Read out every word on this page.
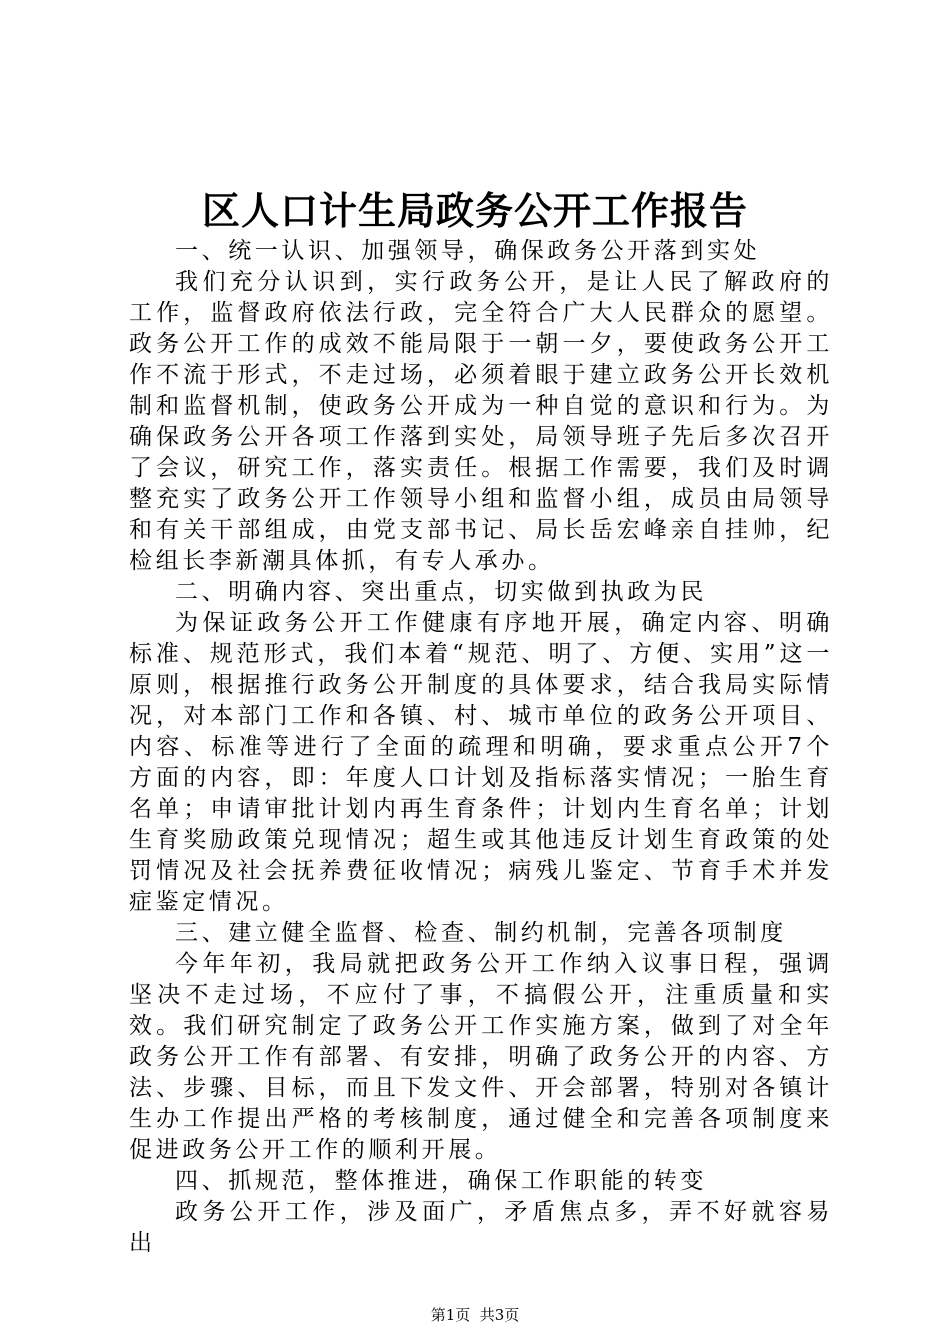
区人口计生局政务公开工作报告

一、统一认识、加强领导，确保政务公开落到实处

我们充分认识到，实行政务公开，是让人民了解政府的工作，监督政府依法行政，完全符合广大人民群众的愿望。政务公开工作的成效不能局限于一朝一夕，要使政务公开工作不流于形式，不走过场，必须着眼于建立政务公开长效机制和监督机制，使政务公开成为一种自觉的意识和行为。为确保政务公开各项工作落到实处，局领导班子先后多次召开了会议，研究工作，落实责任。根据工作需要，我们及时调整充实了政务公开工作领导小组和监督小组，成员由局领导和有关干部组成，由党支部书记、局长岳宏峰亲自挂帅，纪检组长李新潮具体抓，有专人承办。

二、明确内容、突出重点，切实做到执政为民

为保证政务公开工作健康有序地开展，确定内容、明确标准、规范形式，我们本着“规范、明了、方便、实用”这一原则，根据推行政务公开制度的具体要求，结合我局实际情况，对本部门工作和各镇、村、城市单位的政务公开项目、内容、标准等进行了全面的疏理和明确，要求重点公开7个方面的内容，即：年度人口计划及指标落实情况；一胎生育名单；申请审批计划内再生育条件；计划内生育名单；计划生育奖励政策兑现情况；超生或其他违反计划生育政策的处罚情况及社会抚养费征收情况；病残儿鉴定、节育手术并发症鉴定情况。

三、建立健全监督、检查、制约机制，完善各项制度

今年年初，我局就把政务公开工作纳入议事日程，强调坚决不走过场，不应付了事，不搞假公开，注重质量和实效。我们研究制定了政务公开工作实施方案，做到了对全年政务公开工作有部署、有安排，明确了政务公开的内容、方法、步骤、目标，而且下发文件、开会部署，特别对各镇计生办工作提出严格的考核制度，通过健全和完善各项制度来促进政务公开工作的顺利开展。

四、抓规范，整体推进，确保工作职能的转变

政务公开工作，涉及面广，矛盾焦点多，弄不好就容易出

第1页  共3页
